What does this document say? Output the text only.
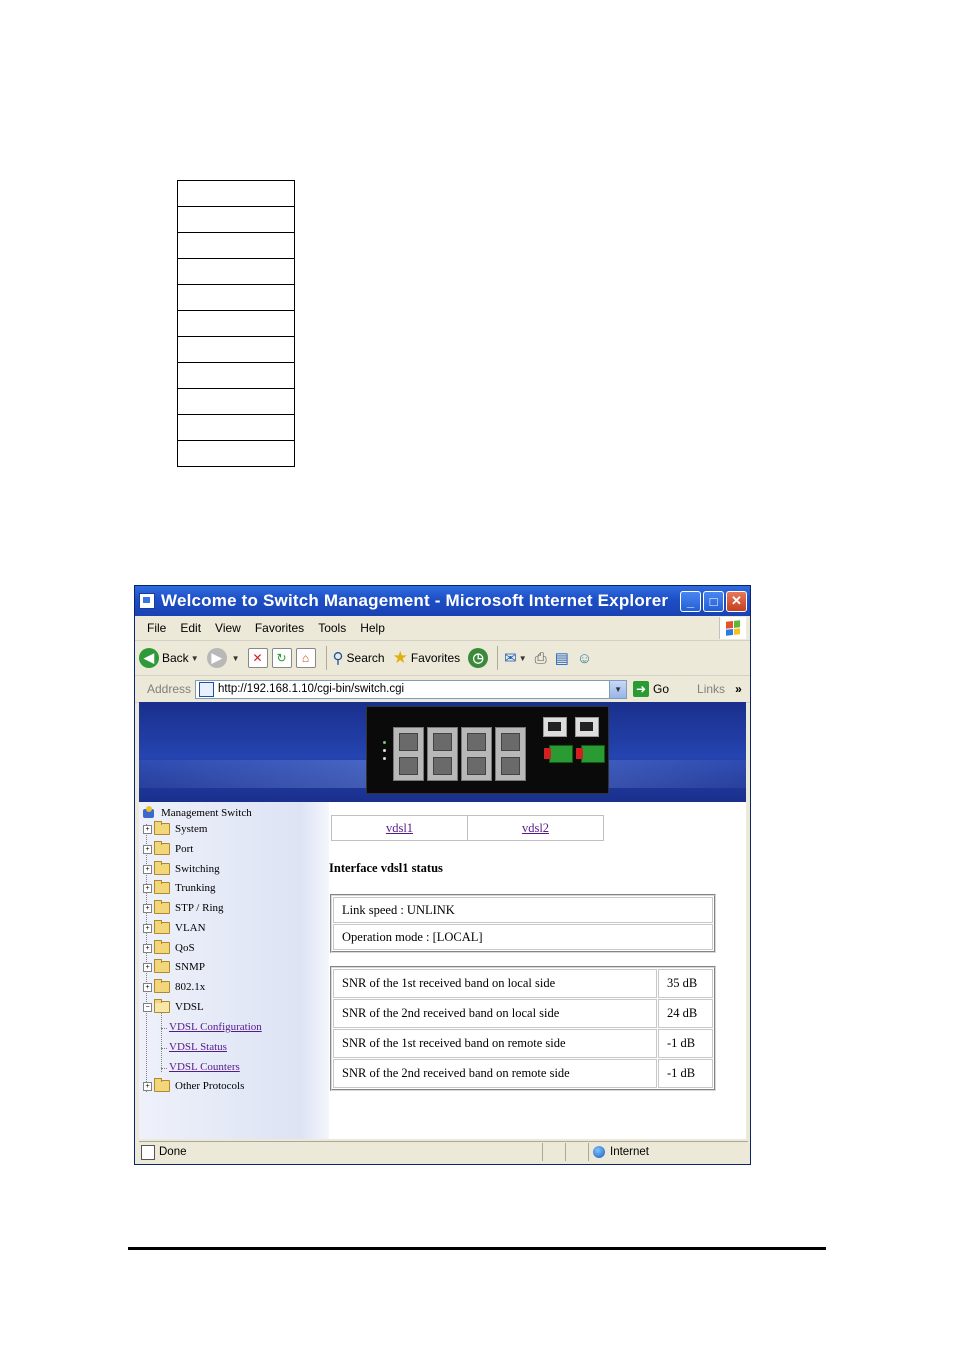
Welcome to Switch Management - Microsoft Internet Explorer	_	□	✕
File Edit View Favorites Tools Help
◀ Back ▼	▶	▼	✕	↻	⌂	⚲ Search ★ Favorites ◷ ✉ ▼ ⎙ ▤ ☺
Address http://192.168.1.10/cgi-bin/switch.cgi	▼	➜ Go Links »
Management Switch
+ System
+ Port
+ Switching
+ Trunking
+ STP / Ring
+ VLAN
+ QoS
+ SNMP
+ 802.1x
− VDSL
VDSL Configuration
VDSL Status
VDSL Counters
+ Other Protocols
vdsl1	vdsl2
Interface vdsl1 status
Link speed : UNLINK
Operation mode : [LOCAL]
SNR of the 1st received band on local side	35 dB
SNR of the 2nd received band on local side	24 dB
SNR of the 1st received band on remote side	-1 dB
SNR of the 2nd received band on remote side	-1 dB
Done	Internet
